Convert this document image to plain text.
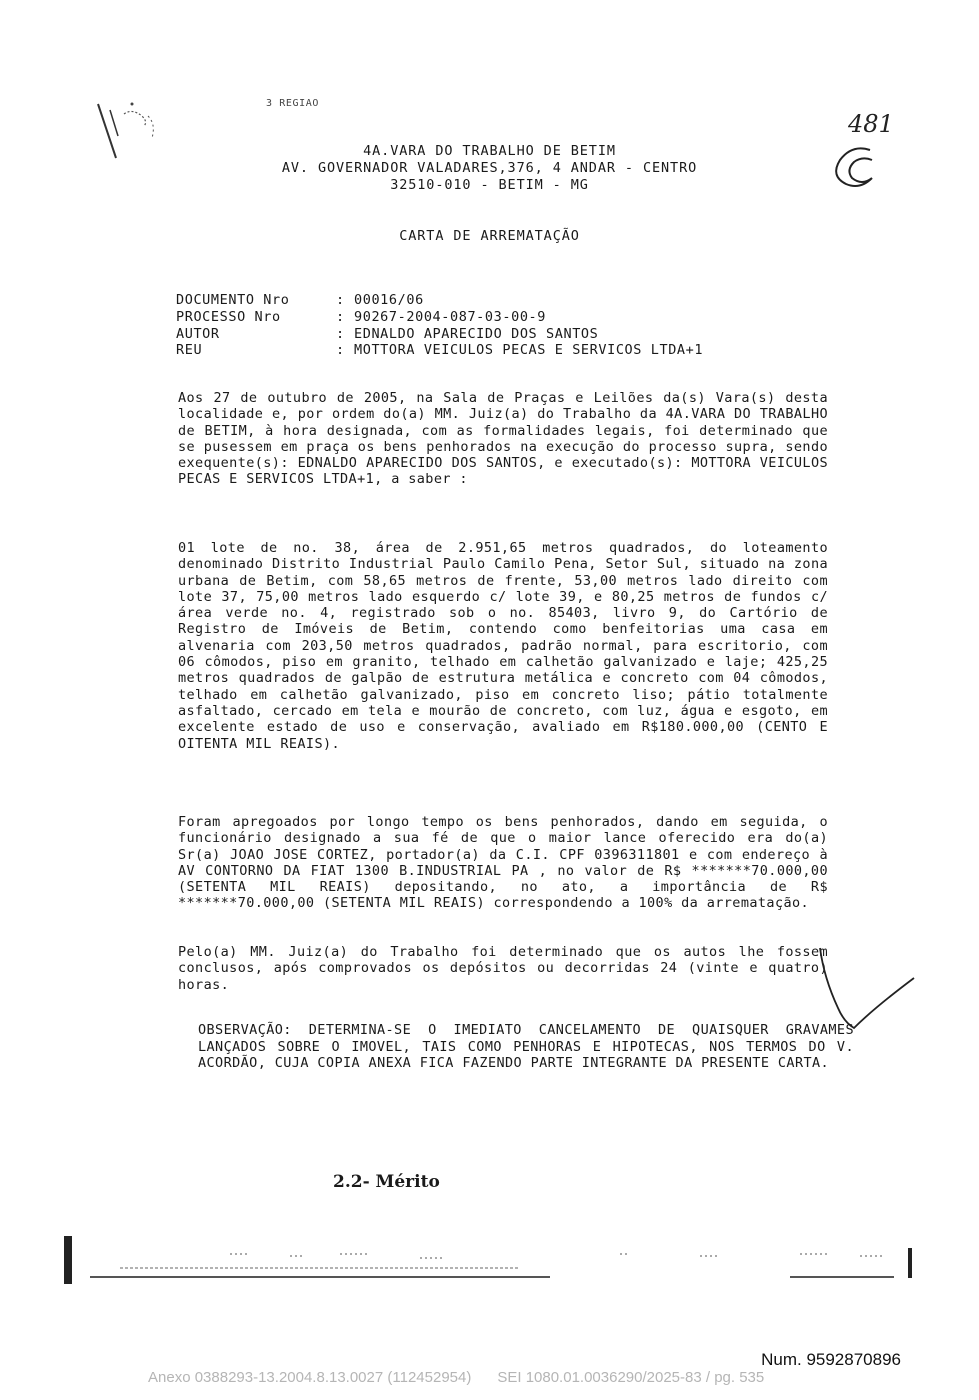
3 REGIAO
481
4A.VARA DO TRABALHO DE BETIM
AV. GOVERNADOR VALADARES,376, 4 ANDAR - CENTRO
32510-010 - BETIM - MG
CARTA DE ARREMATAÇÃO
DOCUMENTO Nro	: 00016/06
PROCESSO Nro	: 90267-2004-087-03-00-9
AUTOR	: EDNALDO APARECIDO DOS SANTOS
REU	: MOTTORA VEICULOS PECAS E SERVICOS LTDA+1
Aos 27 de outubro de 2005, na Sala de Praças e Leilões da(s) Vara(s) desta localidade e, por ordem do(a) MM. Juiz(a) do Trabalho da 4A.VARA DO TRABALHO de BETIM, à hora designada, com as formalidades legais, foi determinado que se pusessem em praça os bens penhorados na execução do processo supra, sendo exequente(s): EDNALDO APARECIDO DOS SANTOS, e executado(s): MOTTORA VEICULOS PECAS E SERVICOS LTDA+1, a saber :
01 lote de no. 38, área de 2.951,65 metros quadrados, do loteamento denominado Distrito Industrial Paulo Camilo Pena, Setor Sul, situado na zona urbana de Betim, com 58,65 metros de frente, 53,00 metros lado direito com lote 37, 75,00 metros lado esquerdo c/ lote 39, e 80,25 metros de fundos c/ área verde no. 4, registrado sob o no. 85403, livro 9, do Cartório de Registro de Imóveis de Betim, contendo como benfeitorias uma casa em alvenaria com 203,50 metros quadrados, padrão normal, para escritorio, com 06 cômodos, piso em granito, telhado em calhetão galvanizado e laje; 425,25 metros quadrados de galpão de estrutura metálica e concreto com 04 cômodos, telhado em calhetão galvanizado, piso em concreto liso; pátio totalmente asfaltado, cercado em tela e mourão de concreto, com luz, água e esgoto, em excelente estado de uso e conservação, avaliado em R$180.000,00 (CENTO E OITENTA MIL REAIS).
Foram apregoados por longo tempo os bens penhorados, dando em seguida, o funcionário designado a sua fé de que o maior lance oferecido era do(a) Sr(a) JOAO JOSE CORTEZ, portador(a) da C.I. CPF 0396311801 e com endereço à AV CONTORNO DA FIAT 1300 B.INDUSTRIAL PA , no valor de R$ *******70.000,00 (SETENTA MIL REAIS) depositando, no ato, a importância de R$ *******70.000,00 (SETENTA MIL REAIS) correspondendo a 100% da arrematação.
Pelo(a) MM. Juiz(a) do Trabalho foi determinado que os autos lhe fossem conclusos, após comprovados os depósitos ou decorridas 24 (vinte e quatro) horas.
OBSERVAÇÃO: DETERMINA-SE O IMEDIATO CANCELAMENTO DE QUAISQUER GRAVAMES LANÇADOS SOBRE O IMOVEL, TAIS COMO PENHORAS E HIPOTECAS, NOS TERMOS DO V. ACORDÃO, CUJA COPIA ANEXA FICA FAZENDO PARTE INTEGRANTE DA PRESENTE CARTA.
2.2- Mérito
Num. 9592870896
Anexo 0388293-13.2004.8.13.0027 (112452954) SEI 1080.01.0036290/2025-83 / pg. 535
